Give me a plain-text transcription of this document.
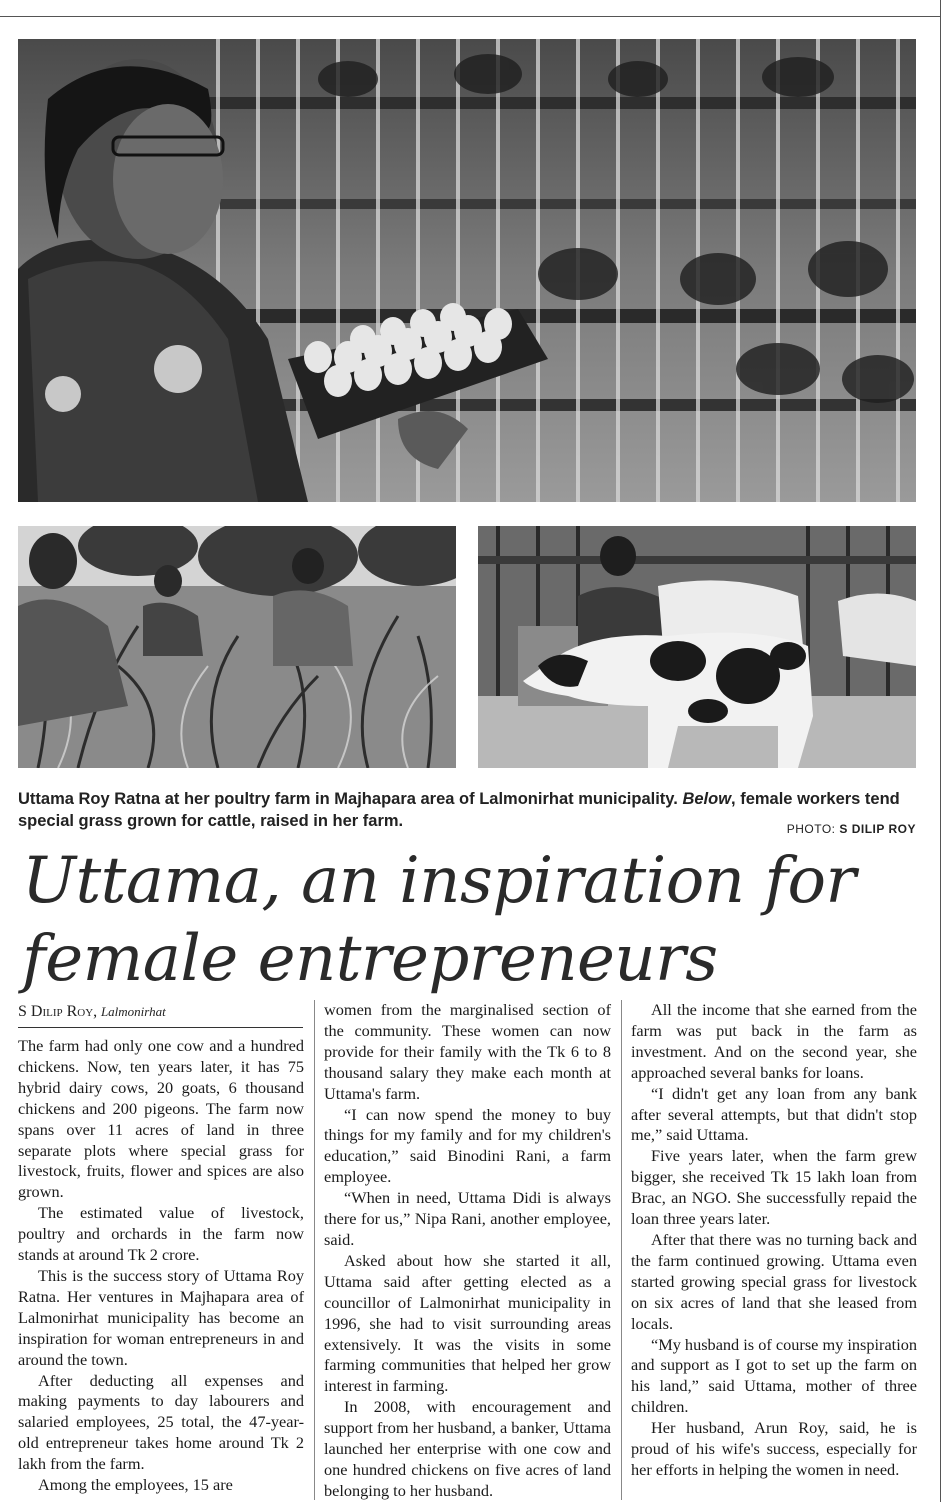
Uttama Roy Ratna at her poultry farm in Majhapara area of Lalmonirhat municipality. Below, female workers tend special grass grown for cattle, raised in her farm.	PHOTO: S DILIP ROY
Uttama, an inspiration for
female entrepreneurs
S Dilip Roy, Lalmonirhat

The farm had only one cow and a hundred chickens. Now, ten years later, it has 75 hybrid dairy cows, 20 goats, 6 thousand chickens and 200 pigeons. The farm now spans over 11 acres of land in three separate plots where special grass for livestock, fruits, flower and spices are also grown.

The estimated value of livestock, poultry and orchards in the farm now stands at around Tk 2 crore.

This is the success story of Uttama Roy Ratna. Her ventures in Majhapara area of Lalmonirhat municipality has become an inspiration for woman entrepreneurs in and around the town.

After deducting all expenses and making payments to day labourers and salaried employees, 25 total, the 47-year-old entrepreneur takes home around Tk 2 lakh from the farm.

Among the employees, 15 are

women from the marginalised section of the community. These women can now provide for their family with the Tk 6 to 8 thousand salary they make each month at Uttama's farm.

“I can now spend the money to buy things for my family and for my children's education,” said Binodini Rani, a farm employee.

“When in need, Uttama Didi is always there for us,” Nipa Rani, another employee, said.

Asked about how she started it all, Uttama said after getting elected as a councillor of Lalmonirhat municipality in 1996, she had to visit surrounding areas extensively. It was the visits in some farming communities that helped her grow interest in farming.

In 2008, with encouragement and support from her husband, a banker, Uttama launched her enterprise with one cow and one hundred chickens on five acres of land belonging to her husband.

All the income that she earned from the farm was put back in the farm as investment. And on the second year, she approached several banks for loans.

“I didn't get any loan from any bank after several attempts, but that didn't stop me,” said Uttama.

Five years later, when the farm grew bigger, she received Tk 15 lakh loan from Brac, an NGO. She successfully repaid the loan three years later.

After that there was no turning back and the farm continued growing. Uttama even started growing special grass for livestock on six acres of land that she leased from locals.

“My husband is of course my inspiration and support as I got to set up the farm on his land,” said Uttama, mother of three children.

Her husband, Arun Roy, said, he is proud of his wife's success, especially for her efforts in helping the women in need.
